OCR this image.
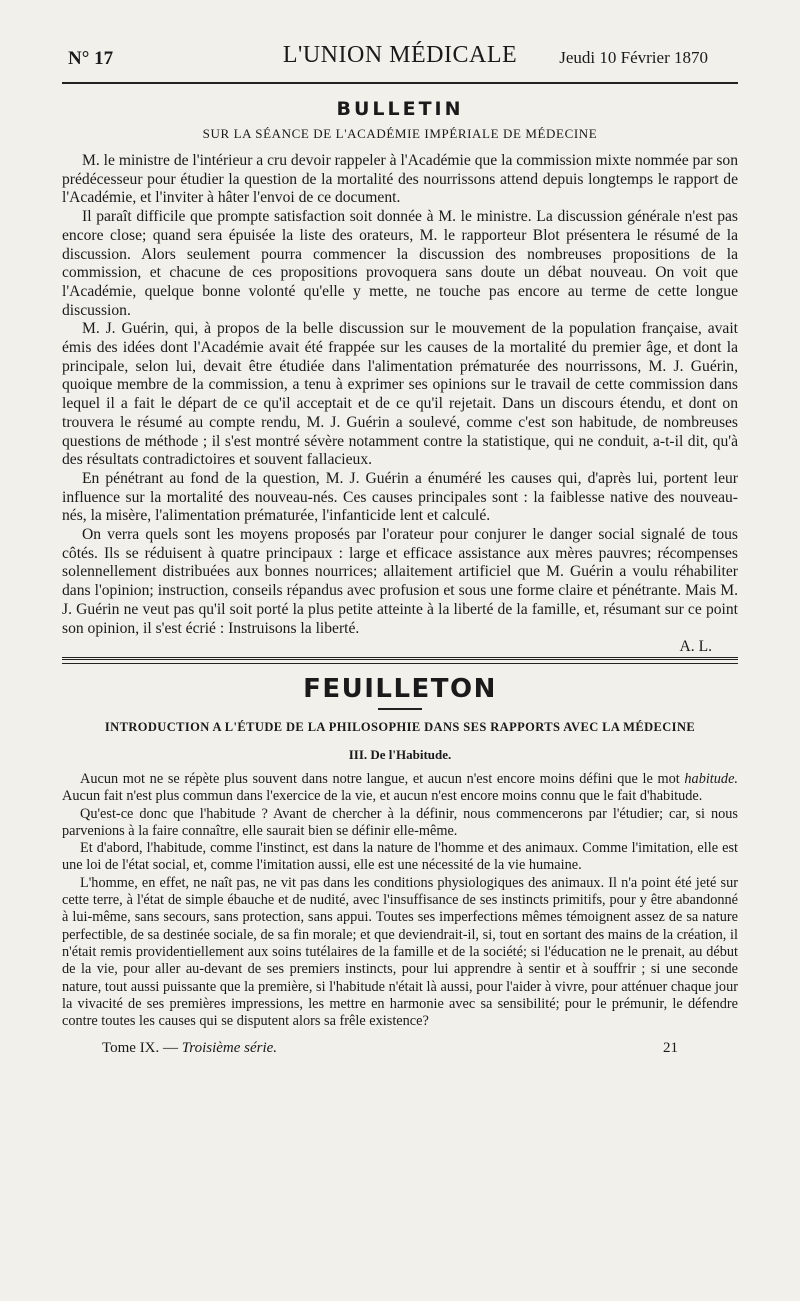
N° 17	L'UNION MÉDICALE	Jeudi 10 Février 1870
BULLETIN
SUR LA SÉANCE DE L'ACADÉMIE IMPÉRIALE DE MÉDECINE

M. le ministre de l'intérieur a cru devoir rappeler à l'Académie que la commission mixte nommée par son prédécesseur pour étudier la question de la mortalité des nourrissons attend depuis longtemps le rapport de l'Académie, et l'inviter à hâter l'envoi de ce document.

Il paraît difficile que prompte satisfaction soit donnée à M. le ministre. La discussion générale n'est pas encore close; quand sera épuisée la liste des orateurs, M. le rapporteur Blot présentera le résumé de la discussion. Alors seulement pourra commencer la discussion des nombreuses propositions de la commission, et chacune de ces propositions provoquera sans doute un débat nouveau. On voit que l'Académie, quelque bonne volonté qu'elle y mette, ne touche pas encore au terme de cette longue discussion.

M. J. Guérin, qui, à propos de la belle discussion sur le mouvement de la population française, avait émis des idées dont l'Académie avait été frappée sur les causes de la mortalité du premier âge, et dont la principale, selon lui, devait être étudiée dans l'alimentation prématurée des nourrissons, M. J. Guérin, quoique membre de la commission, a tenu à exprimer ses opinions sur le travail de cette commission dans lequel il a fait le départ de ce qu'il acceptait et de ce qu'il rejetait. Dans un discours étendu, et dont on trouvera le résumé au compte rendu, M. J. Guérin a soulevé, comme c'est son habitude, de nombreuses questions de méthode ; il s'est montré sévère notamment contre la statistique, qui ne conduit, a-t-il dit, qu'à des résultats contradictoires et souvent fallacieux.

En pénétrant au fond de la question, M. J. Guérin a énuméré les causes qui, d'après lui, portent leur influence sur la mortalité des nouveau-nés. Ces causes principales sont : la faiblesse native des nouveau-nés, la misère, l'alimentation prématurée, l'infanticide lent et calculé.

On verra quels sont les moyens proposés par l'orateur pour conjurer le danger social signalé de tous côtés. Ils se réduisent à quatre principaux : large et efficace assistance aux mères pauvres; récompenses solennellement distribuées aux bonnes nourrices; allaitement artificiel que M. Guérin a voulu réhabiliter dans l'opinion; instruction, conseils répandus avec profusion et sous une forme claire et pénétrante. Mais M. J. Guérin ne veut pas qu'il soit porté la plus petite atteinte à la liberté de la famille, et, résumant sur ce point son opinion, il s'est écrié : Instruisons la liberté.

A. L.
FEUILLETON
INTRODUCTION A L'ÉTUDE DE LA PHILOSOPHIE DANS SES RAPPORTS AVEC LA MÉDECINE
III. De l'Habitude.

Aucun mot ne se répète plus souvent dans notre langue, et aucun n'est encore moins défini que le mot habitude. Aucun fait n'est plus commun dans l'exercice de la vie, et aucun n'est encore moins connu que le fait d'habitude.

Qu'est-ce donc que l'habitude ? Avant de chercher à la définir, nous commencerons par l'étudier; car, si nous parvenions à la faire connaître, elle saurait bien se définir elle-même.

Et d'abord, l'habitude, comme l'instinct, est dans la nature de l'homme et des animaux. Comme l'imitation, elle est une loi de l'état social, et, comme l'imitation aussi, elle est une nécessité de la vie humaine.

L'homme, en effet, ne naît pas, ne vit pas dans les conditions physiologiques des animaux. Il n'a point été jeté sur cette terre, à l'état de simple ébauche et de nudité, avec l'insuffisance de ses instincts primitifs, pour y être abandonné à lui-même, sans secours, sans protection, sans appui. Toutes ses imperfections mêmes témoignent assez de sa nature perfectible, de sa destinée sociale, de sa fin morale; et que deviendrait-il, si, tout en sortant des mains de la création, il n'était remis providentiellement aux soins tutélaires de la famille et de la société; si l'éducation ne le prenait, au début de la vie, pour aller au-devant de ses premiers instincts, pour lui apprendre à sentir et à souffrir ; si une seconde nature, tout aussi puissante que la première, si l'habitude n'était là aussi, pour l'aider à vivre, pour atténuer chaque jour la vivacité de ses premières impressions, les mettre en harmonie avec sa sensibilité; pour le prémunir, le défendre contre toutes les causes qui se disputent alors sa frêle existence?

Tome IX. — Troisième série.	21
